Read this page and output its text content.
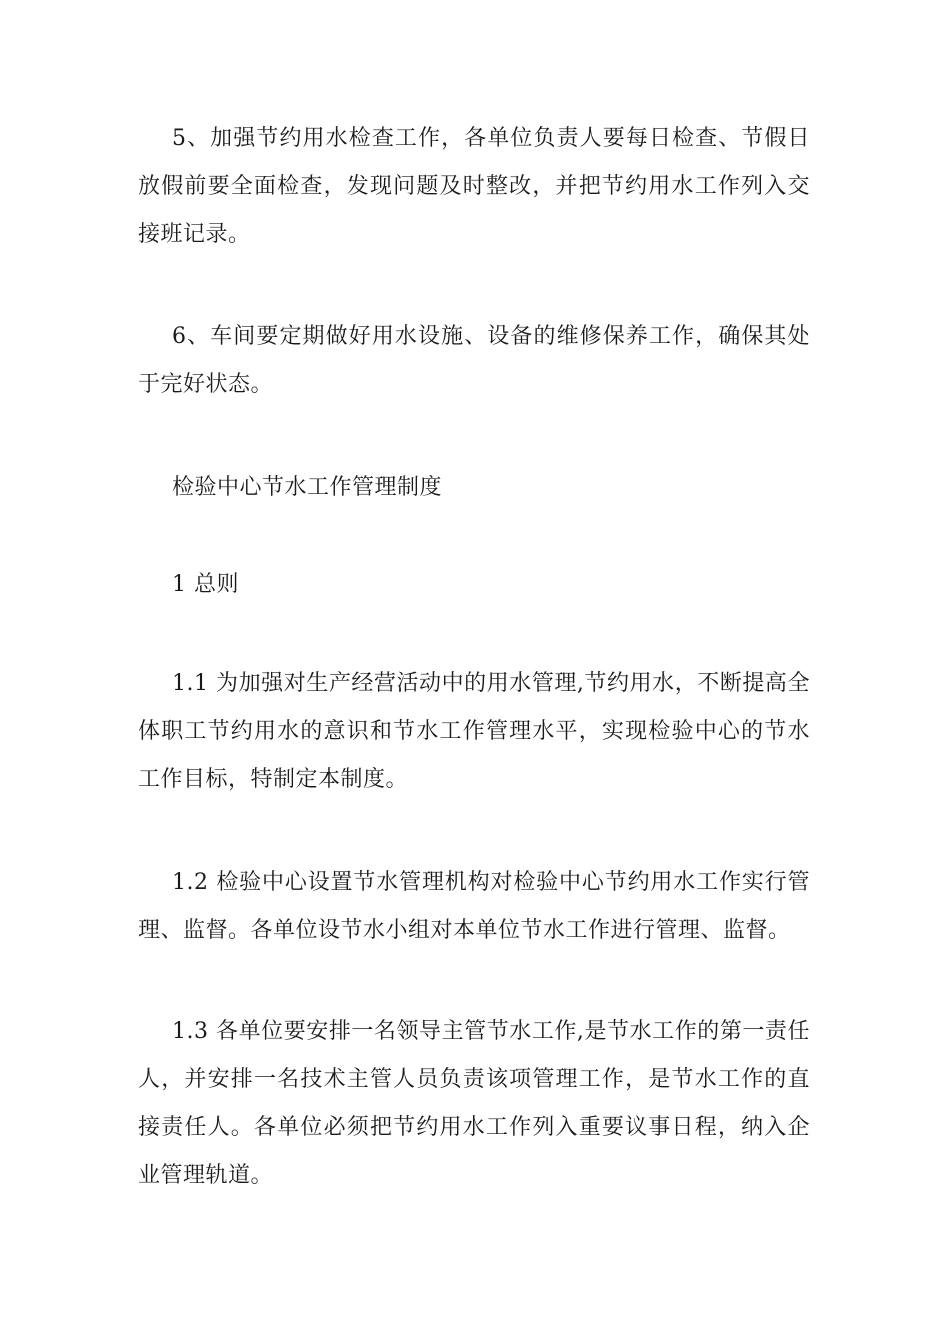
5、加强节约用水检查工作，各单位负责人要每日检查、节假日放假前要全面检查，发现问题及时整改，并把节约用水工作列入交接班记录。

6、车间要定期做好用水设施、设备的维修保养工作，确保其处于完好状态。

检验中心节水工作管理制度

1 总则

1.1 为加强对生产经营活动中的用水管理,节约用水，不断提高全体职工节约用水的意识和节水工作管理水平，实现检验中心的节水工作目标，特制定本制度。

1.2 检验中心设置节水管理机构对检验中心节约用水工作实行管理、监督。各单位设节水小组对本单位节水工作进行管理、监督。

1.3 各单位要安排一名领导主管节水工作,是节水工作的第一责任人，并安排一名技术主管人员负责该项管理工作，是节水工作的直接责任人。各单位必须把节约用水工作列入重要议事日程，纳入企业管理轨道。
